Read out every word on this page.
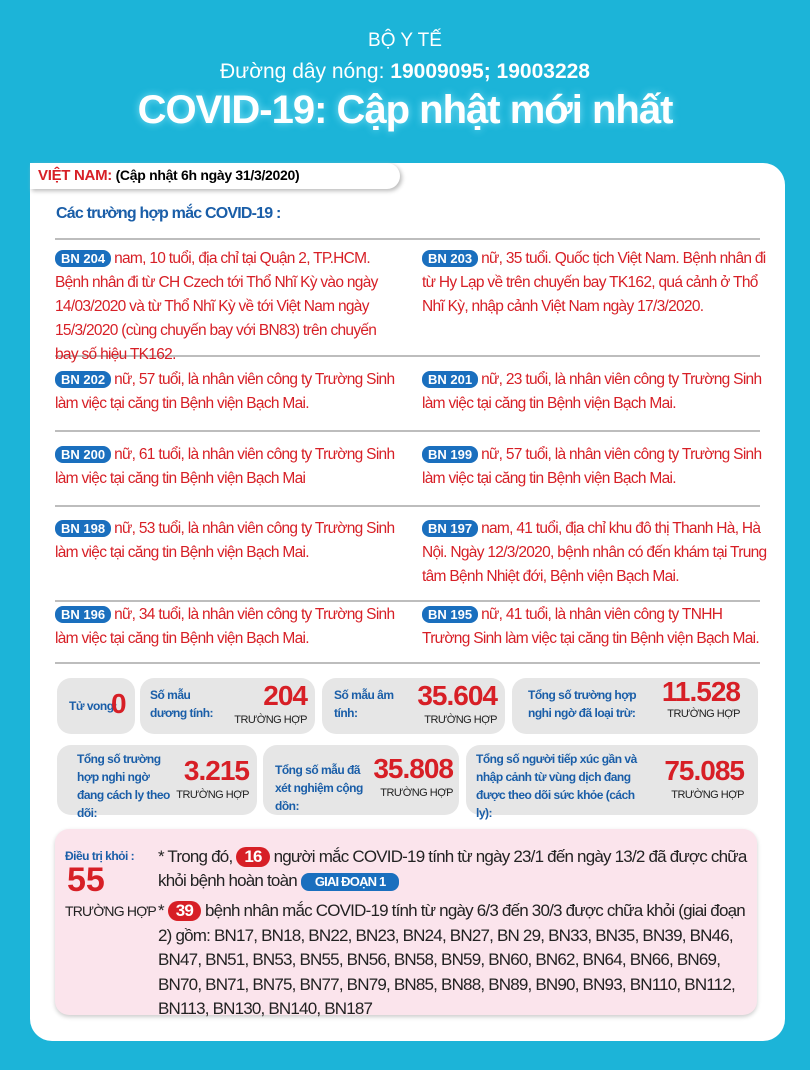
BỘ Y TẾ
Đường dây nóng: 19009095; 19003228
COVID-19: Cập nhật mới nhất
VIỆT NAM: (Cập nhật 6h ngày 31/3/2020)
Các trường hợp mắc COVID-19 :
BN 204 nam, 10 tuổi, địa chỉ tại Quận 2, TP.HCM. Bệnh nhân đi từ CH Czech tới Thổ Nhĩ Kỳ vào ngày 14/03/2020 và từ Thổ Nhĩ Kỳ về tới Việt Nam ngày 15/3/2020 (cùng chuyến bay với BN83) trên chuyến bay số hiệu TK162.
BN 203 nữ, 35 tuổi. Quốc tịch Việt Nam. Bệnh nhân đi từ Hy Lạp về trên chuyến bay TK162, quá cảnh ở Thổ Nhĩ Kỳ, nhập cảnh Việt Nam ngày 17/3/2020.
BN 202 nữ, 57 tuổi, là nhân viên công ty Trường Sinh làm việc tại căng tin Bệnh viện Bạch Mai.
BN 201 nữ, 23 tuổi, là nhân viên công ty Trường Sinh làm việc tại căng tin Bệnh viện Bạch Mai.
BN 200 nữ, 61 tuổi, là nhân viên công ty Trường Sinh làm việc tại căng tin Bệnh viện Bạch Mai
BN 199 nữ, 57 tuổi, là nhân viên công ty Trường Sinh làm việc tại căng tin Bệnh viện Bạch Mai.
BN 198 nữ, 53 tuổi, là nhân viên công ty Trường Sinh làm việc tại căng tin Bệnh viện Bạch Mai.
BN 197 nam, 41 tuổi, địa chỉ khu đô thị Thanh Hà, Hà Nội. Ngày 12/3/2020, bệnh nhân có đến khám tại Trung tâm Bệnh Nhiệt đới, Bệnh viện Bạch Mai.
BN 196 nữ, 34 tuổi, là nhân viên công ty Trường Sinh làm việc tại căng tin Bệnh viện Bạch Mai.
BN 195 nữ, 41 tuổi, là nhân viên công ty TNHH Trường Sinh làm việc tại căng tin Bệnh viện Bạch Mai.
Tử vong:
0 Số mẫu dương tính:
204
TRƯỜNG HỢP
Số mẫu âm tính:
35.604
TRƯỜNG HỢP
Tổng số trường hợp nghi ngờ đã loại trừ:
11.528
TRƯỜNG HỢP
Tổng số trường hợp nghi ngờ đang cách ly theo dõi:
3.215
TRƯỜNG HỢP
Tổng số mẫu đã xét nghiệm cộng dồn:
35.808
TRƯỜNG HỢP
Tổng số người tiếp xúc gần và nhập cảnh từ vùng dịch đang được theo dõi sức khỏe (cách ly):
75.085
TRƯỜNG HỢP
Điều trị khỏi :
55
TRƯỜNG HỢP
* Trong đó, 16 người mắc COVID-19 tính từ ngày 23/1 đến ngày 13/2 đã được chữa khỏi bệnh hoàn toàn GIAI ĐOẠN 1
* 39 bệnh nhân mắc COVID-19 tính từ ngày 6/3 đến 30/3 được chữa khỏi (giai đoạn 2) gồm: BN17, BN18, BN22, BN23, BN24, BN27, BN 29, BN33, BN35, BN39, BN46, BN47, BN51, BN53, BN55, BN56, BN58, BN59, BN60, BN62, BN64, BN66, BN69, BN70, BN71, BN75, BN77, BN79, BN85, BN88, BN89, BN90, BN93, BN110, BN112, BN113, BN130, BN140, BN187
